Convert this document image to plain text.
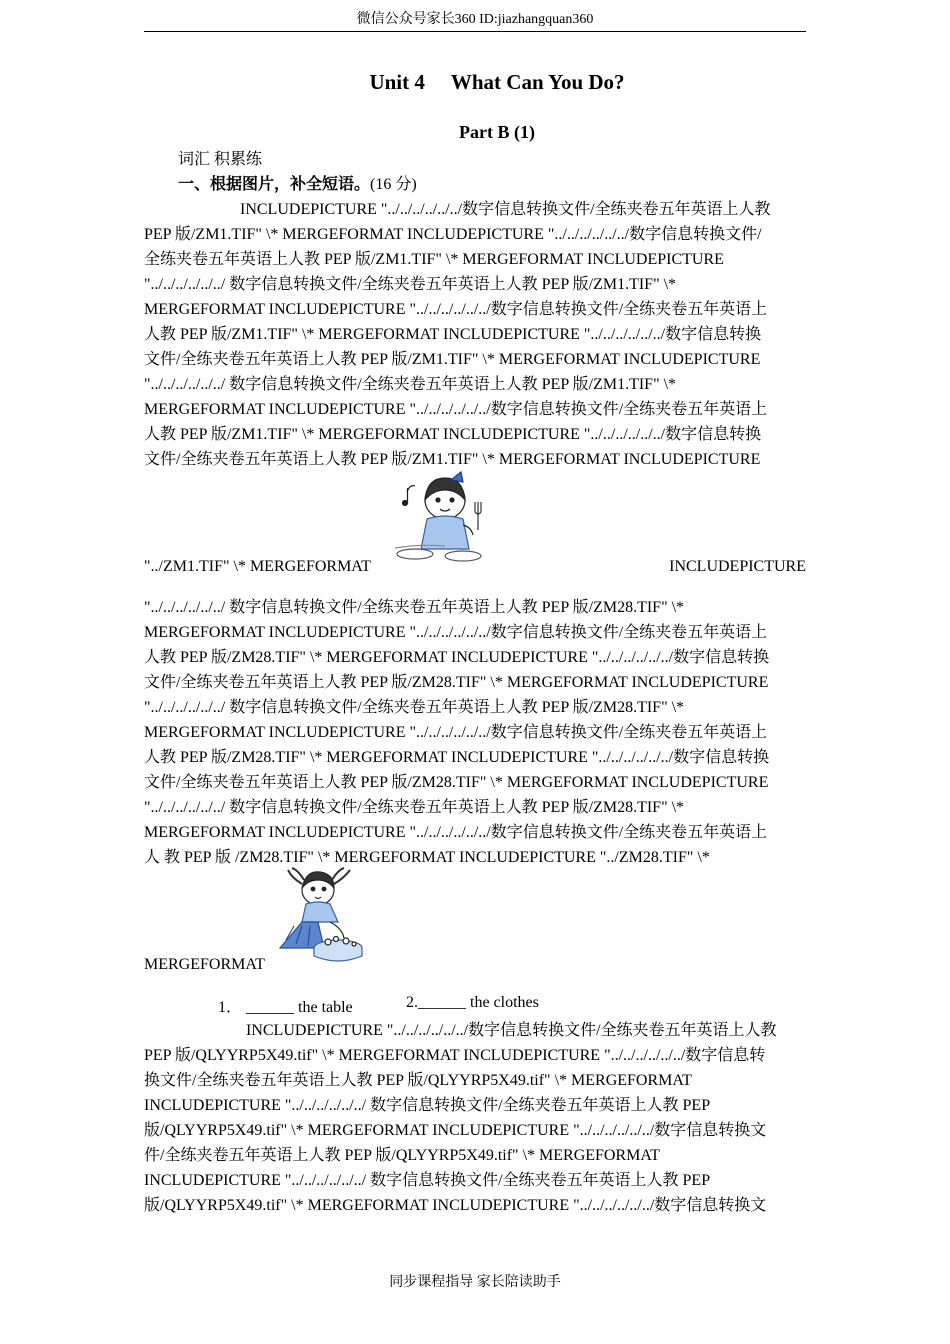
微信公众号家长360 ID:jiazhangquan360
Unit 4 What Can You Do?
Part B (1)
词汇 积累练
一、根据图片，补全短语。(16 分)
INCLUDEPICTURE "../../../../../../数字信息转换文件/全练夹卷五年英语上人教
PEP 版/ZM1.TIF" \* MERGEFORMAT INCLUDEPICTURE "../../../../../../数字信息转换文件/
全练夹卷五年英语上人教 PEP 版/ZM1.TIF" \* MERGEFORMAT INCLUDEPICTURE
"../../../../../../ 数字信息转换文件/全练夹卷五年英语上人教 PEP 版/ZM1.TIF" \*
MERGEFORMAT INCLUDEPICTURE "../../../../../../数字信息转换文件/全练夹卷五年英语上
人教 PEP 版/ZM1.TIF" \* MERGEFORMAT INCLUDEPICTURE "../../../../../../数字信息转换
文件/全练夹卷五年英语上人教 PEP 版/ZM1.TIF" \* MERGEFORMAT INCLUDEPICTURE
"../../../../../../ 数字信息转换文件/全练夹卷五年英语上人教 PEP 版/ZM1.TIF" \*
MERGEFORMAT INCLUDEPICTURE "../../../../../../数字信息转换文件/全练夹卷五年英语上
人教 PEP 版/ZM1.TIF" \* MERGEFORMAT INCLUDEPICTURE "../../../../../../数字信息转换
文件/全练夹卷五年英语上人教 PEP 版/ZM1.TIF" \* MERGEFORMAT INCLUDEPICTURE
"../ZM1.TIF" \* MERGEFORMAT	INCLUDEPICTURE
"../../../../../../ 数字信息转换文件/全练夹卷五年英语上人教 PEP 版/ZM28.TIF" \*
MERGEFORMAT INCLUDEPICTURE "../../../../../../数字信息转换文件/全练夹卷五年英语上
人教 PEP 版/ZM28.TIF" \* MERGEFORMAT INCLUDEPICTURE "../../../../../../数字信息转换
文件/全练夹卷五年英语上人教 PEP 版/ZM28.TIF" \* MERGEFORMAT INCLUDEPICTURE
"../../../../../../ 数字信息转换文件/全练夹卷五年英语上人教 PEP 版/ZM28.TIF" \*
MERGEFORMAT INCLUDEPICTURE "../../../../../../数字信息转换文件/全练夹卷五年英语上
人教 PEP 版/ZM28.TIF" \* MERGEFORMAT INCLUDEPICTURE "../../../../../../数字信息转换
文件/全练夹卷五年英语上人教 PEP 版/ZM28.TIF" \* MERGEFORMAT INCLUDEPICTURE
"../../../../../../ 数字信息转换文件/全练夹卷五年英语上人教 PEP 版/ZM28.TIF" \*
MERGEFORMAT INCLUDEPICTURE "../../../../../../数字信息转换文件/全练夹卷五年英语上
人 教 PEP 版 /ZM28.TIF" \* MERGEFORMAT INCLUDEPICTURE "../ZM28.TIF" \*
MERGEFORMAT
1． ______ the table	2.______ the clothes
INCLUDEPICTURE "../../../../../../数字信息转换文件/全练夹卷五年英语上人教
PEP 版/QLYYRP5X49.tif" \* MERGEFORMAT INCLUDEPICTURE "../../../../../../数字信息转
换文件/全练夹卷五年英语上人教 PEP 版/QLYYRP5X49.tif" \* MERGEFORMAT
INCLUDEPICTURE "../../../../../../ 数字信息转换文件/全练夹卷五年英语上人教 PEP
版/QLYYRP5X49.tif" \* MERGEFORMAT INCLUDEPICTURE "../../../../../../数字信息转换文
件/全练夹卷五年英语上人教 PEP 版/QLYYRP5X49.tif" \* MERGEFORMAT
INCLUDEPICTURE "../../../../../../ 数字信息转换文件/全练夹卷五年英语上人教 PEP
版/QLYYRP5X49.tif" \* MERGEFORMAT INCLUDEPICTURE "../../../../../../数字信息转换文
同步课程指导 家长陪读助手
